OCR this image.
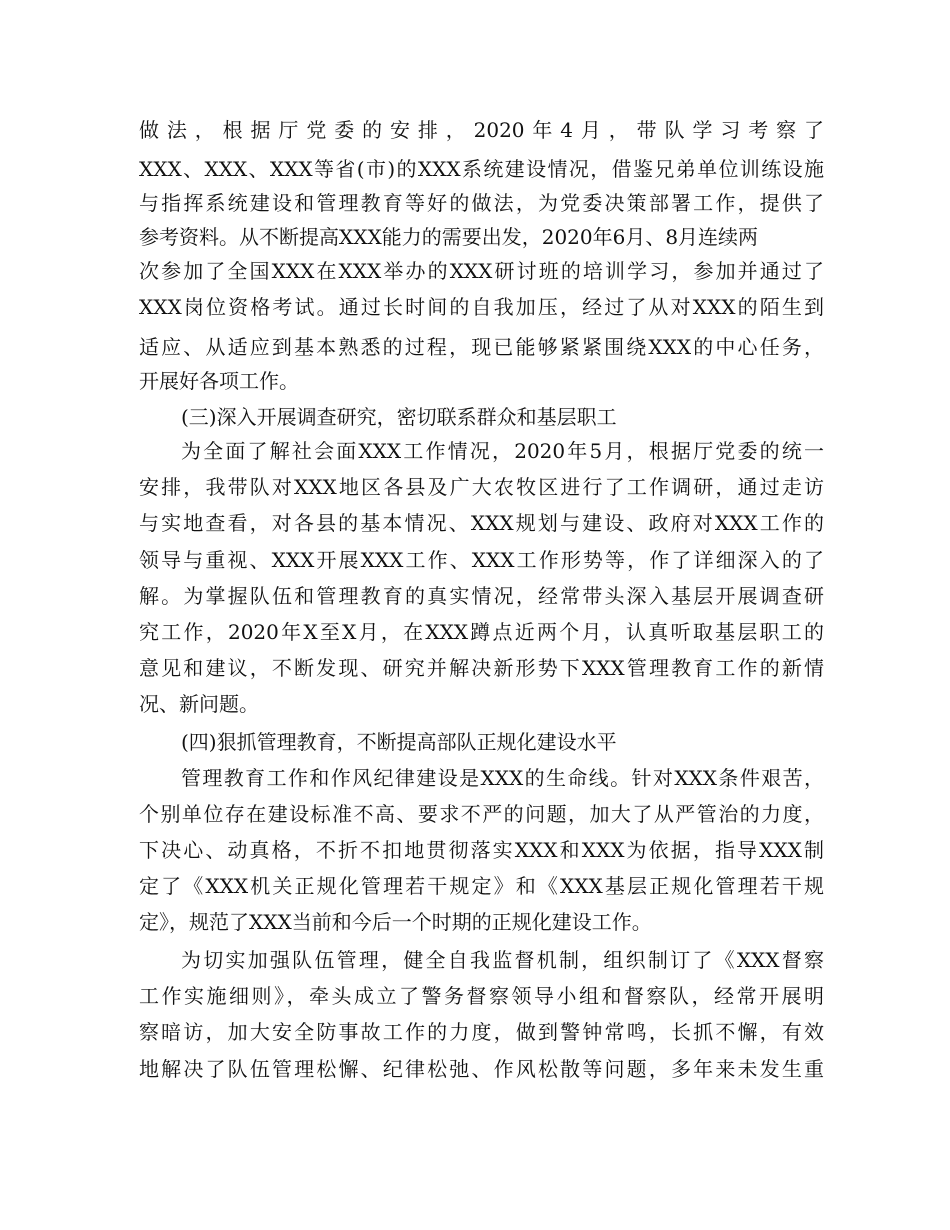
做法，根据厅党委的安排，2020年4月，带队学习考察了
XXX、XXX、XXX等省(市)的XXX系统建设情况，借鉴兄弟单位训练设施
与指挥系统建设和管理教育等好的做法，为党委决策部署工作，提供了
参考资料。从不断提高XXX能力的需要出发，2020年6月、8月连续两
次参加了全国XXX在XXX举办的XXX研讨班的培训学习，参加并通过了
XXX岗位资格考试。通过长时间的自我加压，经过了从对XXX的陌生到
适应、从适应到基本熟悉的过程，现已能够紧紧围绕XXX的中心任务，
开展好各项工作。
(三)深入开展调查研究，密切联系群众和基层职工
为全面了解社会面XXX工作情况，2020年5月，根据厅党委的统一
安排，我带队对XXX地区各县及广大农牧区进行了工作调研，通过走访
与实地查看，对各县的基本情况、XXX规划与建设、政府对XXX工作的
领导与重视、XXX开展XXX工作、XXX工作形势等，作了详细深入的了
解。为掌握队伍和管理教育的真实情况，经常带头深入基层开展调查研
究工作，2020年X至X月，在XXX蹲点近两个月，认真听取基层职工的
意见和建议，不断发现、研究并解决新形势下XXX管理教育工作的新情
况、新问题。
(四)狠抓管理教育，不断提高部队正规化建设水平
管理教育工作和作风纪律建设是XXX的生命线。针对XXX条件艰苦，
个别单位存在建设标准不高、要求不严的问题，加大了从严管治的力度，
下决心、动真格，不折不扣地贯彻落实XXX和XXX为依据，指导XXX制
定了《XXX机关正规化管理若干规定》和《XXX基层正规化管理若干规
定》，规范了XXX当前和今后一个时期的正规化建设工作。
为切实加强队伍管理，健全自我监督机制，组织制订了《XXX督察
工作实施细则》，牵头成立了警务督察领导小组和督察队，经常开展明
察暗访，加大安全防事故工作的力度，做到警钟常鸣，长抓不懈，有效
地解决了队伍管理松懈、纪律松弛、作风松散等问题，多年来未发生重
